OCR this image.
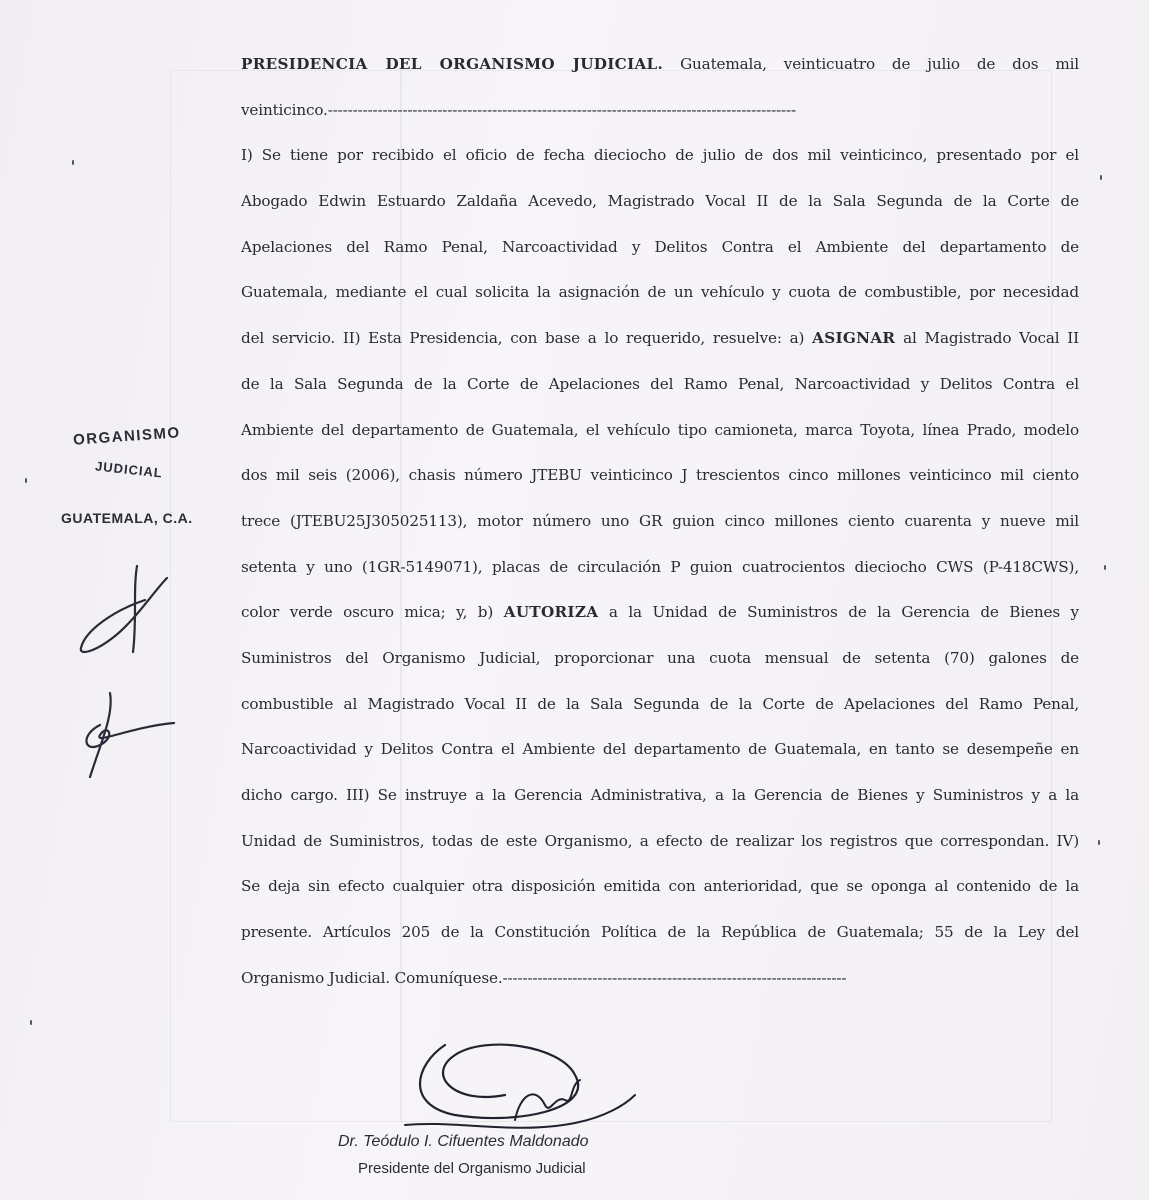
PRESIDENCIA DEL ORGANISMO JUDICIAL. Guatemala, veinticuatro de julio de dos mil
veinticinco.----------------------------------------------------------------------------------------------
I) Se tiene por recibido el oficio de fecha dieciocho de julio de dos mil veinticinco, presentado por el
Abogado Edwin Estuardo Zaldaña Acevedo, Magistrado Vocal II de la Sala Segunda de la Corte de
Apelaciones del Ramo Penal, Narcoactividad y Delitos Contra el Ambiente del departamento de
Guatemala, mediante el cual solicita la asignación de un vehículo y cuota de combustible, por necesidad
del servicio. II) Esta Presidencia, con base a lo requerido, resuelve: a) ASIGNAR al Magistrado Vocal II
de la Sala Segunda de la Corte de Apelaciones del Ramo Penal, Narcoactividad y Delitos Contra el
Ambiente del departamento de Guatemala, el vehículo tipo camioneta, marca Toyota, línea Prado, modelo
dos mil seis (2006), chasis número JTEBU veinticinco J trescientos cinco millones veinticinco mil ciento
trece (JTEBU25J305025113), motor número uno GR guion cinco millones ciento cuarenta y nueve mil
setenta y uno (1GR-5149071), placas de circulación P guion cuatrocientos dieciocho CWS (P-418CWS),
color verde oscuro mica; y, b) AUTORIZA a la Unidad de Suministros de la Gerencia de Bienes y
Suministros del Organismo Judicial, proporcionar una cuota mensual de setenta (70) galones de
combustible al Magistrado Vocal II de la Sala Segunda de la Corte de Apelaciones del Ramo Penal,
Narcoactividad y Delitos Contra el Ambiente del departamento de Guatemala, en tanto se desempeñe en
dicho cargo. III) Se instruye a la Gerencia Administrativa, a la Gerencia de Bienes y Suministros y a la
Unidad de Suministros, todas de este Organismo, a efecto de realizar los registros que correspondan. IV)
Se deja sin efecto cualquier otra disposición emitida con anterioridad, que se oponga al contenido de la
presente. Artículos 205 de la Constitución Política de la República de Guatemala; 55 de la Ley del
Organismo Judicial. Comuníquese.---------------------------------------------------------------------
ORGANISMO
JUDICIAL
GUATEMALA, C.A.
Dr. Teódulo I. Cifuentes Maldonado
Presidente del Organismo Judicial
